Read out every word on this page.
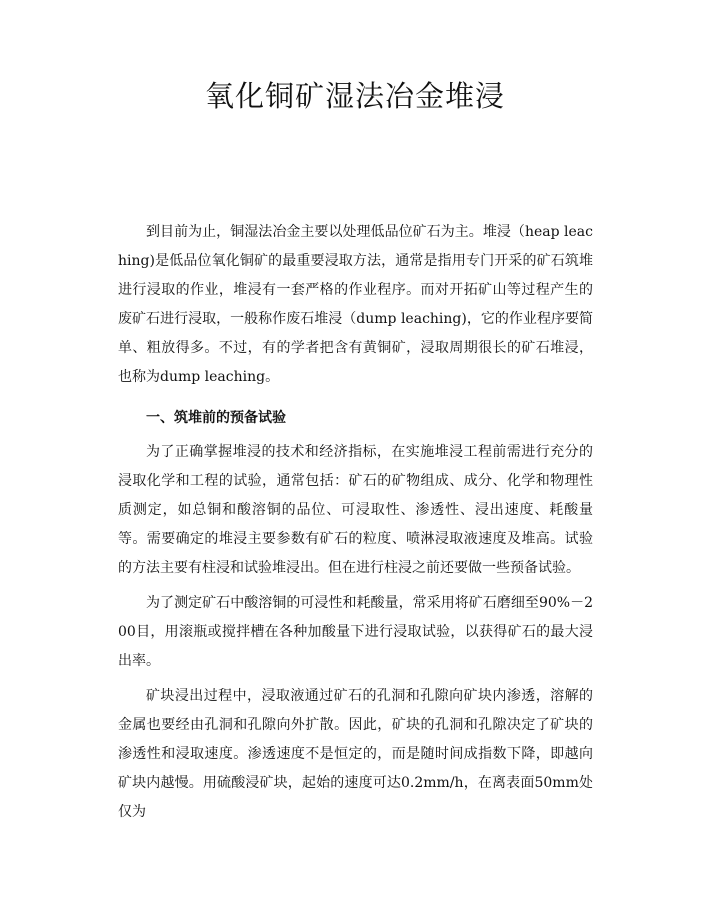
氧化铜矿湿法冶金堆浸

到目前为止，铜湿法冶金主要以处理低品位矿石为主。堆浸（heap leaching)是低品位氧化铜矿的最重要浸取方法，通常是指用专门开采的矿石筑堆进行浸取的作业，堆浸有一套严格的作业程序。而对开拓矿山等过程产生的废矿石进行浸取，一般称作废石堆浸（dump leaching)，它的作业程序要简单、粗放得多。不过，有的学者把含有黄铜矿，浸取周期很长的矿石堆浸，也称为dump leaching。

一、筑堆前的预备试验

为了正确掌握堆浸的技术和经济指标，在实施堆浸工程前需进行充分的浸取化学和工程的试验，通常包括：矿石的矿物组成、成分、化学和物理性质测定，如总铜和酸溶铜的品位、可浸取性、渗透性、浸出速度、耗酸量等。需要确定的堆浸主要参数有矿石的粒度、喷淋浸取液速度及堆高。试验的方法主要有柱浸和试验堆浸出。但在进行柱浸之前还要做一些预备试验。

为了测定矿石中酸溶铜的可浸性和耗酸量，常采用将矿石磨细至90%－200目，用滚瓶或搅拌槽在各种加酸量下进行浸取试验，以获得矿石的最大浸出率。

矿块浸出过程中，浸取液通过矿石的孔洞和孔隙向矿块内渗透，溶解的金属也要经由孔洞和孔隙向外扩散。因此，矿块的孔洞和孔隙决定了矿块的渗透性和浸取速度。渗透速度不是恒定的，而是随时间成指数下降，即越向矿块内越慢。用硫酸浸矿块，起始的速度可达0.2mm/h，在离表面50mm处仅为
